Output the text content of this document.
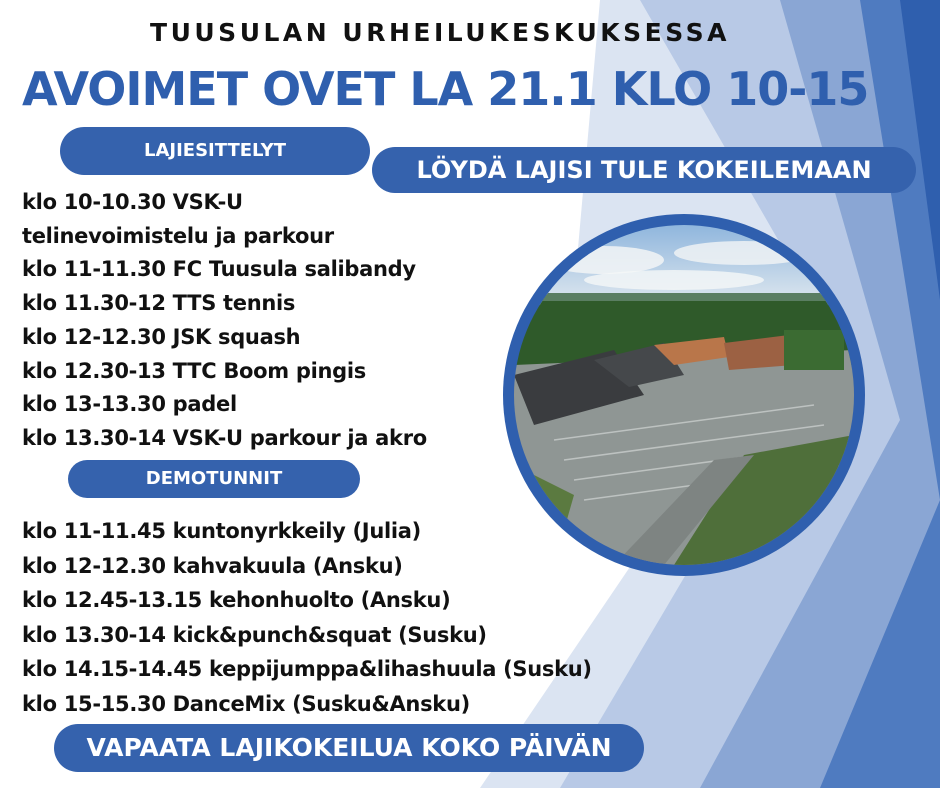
TUUSULAN URHEILUKESKUKSESSA
AVOIMET OVET LA 21.1 KLO 10-15
LAJIESITTELYT
LÖYDÄ LAJISI TULE KOKEILEMAAN
klo 10-10.30 VSK-U
telinevoimistelu ja parkour
klo 11-11.30 FC Tuusula salibandy
klo 11.30-12 TTS tennis
klo 12-12.30 JSK squash
klo 12.30-13 TTC Boom pingis
klo 13-13.30 padel
klo 13.30-14 VSK-U parkour ja akro
DEMOTUNNIT
klo 11-11.45 kuntonyrkkeily (Julia)
klo 12-12.30 kahvakuula (Ansku)
klo 12.45-13.15 kehonhuolto (Ansku)
klo 13.30-14 kick&punch&squat (Susku)
klo 14.15-14.45 keppijumppa&lihashuula (Susku)
klo 15-15.30 DanceMix (Susku&Ansku)
VAPAATA LAJIKOKEILUA KOKO PÄIVÄN
